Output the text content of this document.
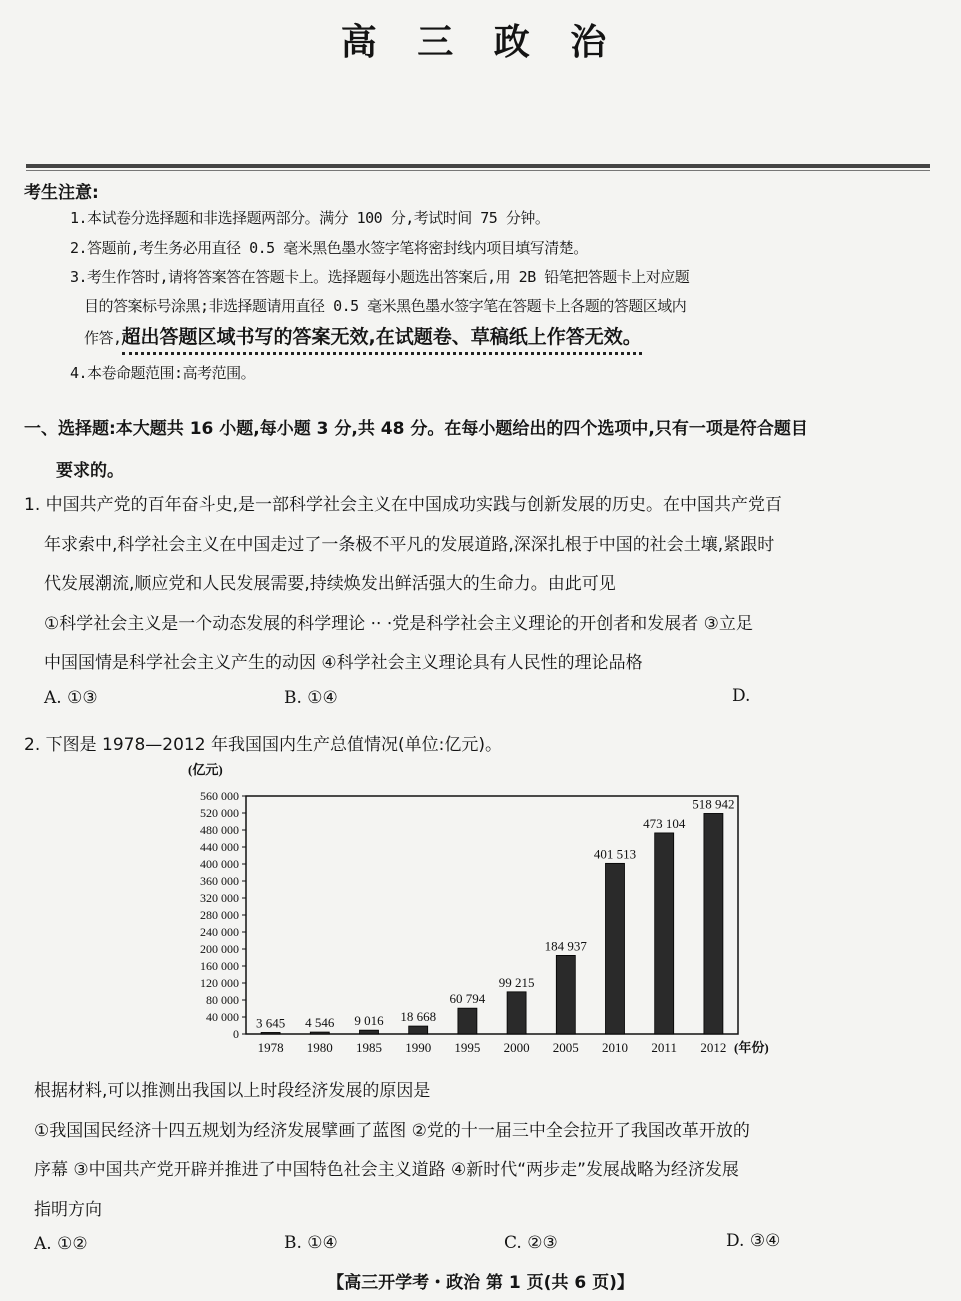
高 三 政 治
考生注意:
1.本试卷分选择题和非选择题两部分。满分 100 分,考试时间 75 分钟。
2.答题前,考生务必用直径 0.5 毫米黑色墨水签字笔将密封线内项目填写清楚。
3.考生作答时,请将答案答在答题卡上。选择题每小题选出答案后,用 2B 铅笔把答题卡上对应题
目的答案标号涂黑;非选择题请用直径 0.5 毫米黑色墨水签字笔在答题卡上各题的答题区域内
作答,超出答题区域书写的答案无效,在试题卷、草稿纸上作答无效。
4.本卷命题范围:高考范围。
一、选择题:本大题共 16 小题,每小题 3 分,共 48 分。在每小题给出的四个选项中,只有一项是符合题目
要求的。
1. 中国共产党的百年奋斗史,是一部科学社会主义在中国成功实践与创新发展的历史。在中国共产党百
年求索中,科学社会主义在中国走过了一条极不平凡的发展道路,深深扎根于中国的社会土壤,紧跟时
代发展潮流,顺应党和人民发展需要,持续焕发出鲜活强大的生命力。由此可见
①科学社会主义是一个动态发展的科学理论 ⋅⋅ ⋅党是科学社会主义理论的开创者和发展者 ③立足
中国国情是科学社会主义产生的动因 ④科学社会主义理论具有人民性的理论品格
A. ①③	B. ①④	D.
2. 下图是 1978—2012 年我国国内生产总值情况(单位:亿元)。
(亿元)
0
40 000
80 000
120 000
160 000
200 000
240 000
280 000
320 000
360 000
400 000
440 000
480 000
520 000
560 000
3 645 4 546 9 016 18 668
60 794
99 215
184 937
401 513
473 104
518 942
1978 1980 1985 1990 1995 2000 2005 2010 2011 2012 (年份)
根据材料,可以推测出我国以上时段经济发展的原因是
①我国国民经济十四五规划为经济发展擘画了蓝图 ②党的十一届三中全会拉开了我国改革开放的
序幕 ③中国共产党开辟并推进了中国特色社会主义道路 ④新时代“两步走”发展战略为经济发展
指明方向
A. ①②	B. ①④	C. ②③	D. ③④
【高三开学考・政治 第 1 页(共 6 页)】
